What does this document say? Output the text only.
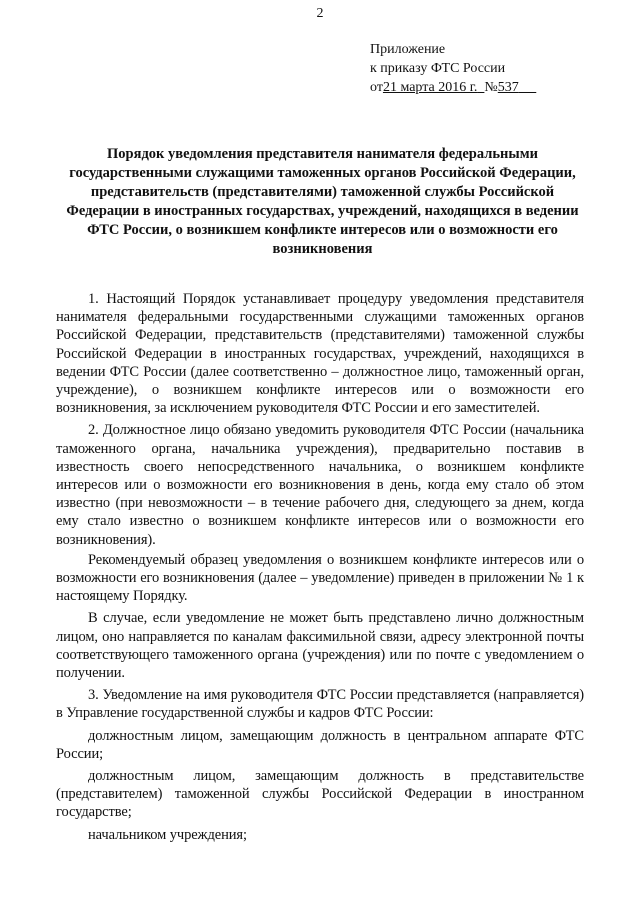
2
Приложение
к приказу ФТС России
от21 марта 2016 г. №537
Порядок уведомления представителя нанимателя федеральными государственными служащими таможенных органов Российской Федерации, представительств (представителями) таможенной службы Российской Федерации в иностранных государствах, учреждений, находящихся в ведении ФТС России, о возникшем конфликте интересов или о возможности его возникновения

1. Настоящий Порядок устанавливает процедуру уведомления представителя нанимателя федеральными государственными служащими таможенных органов Российской Федерации, представительств (представителями) таможенной службы Российской Федерации в иностранных государствах, учреждений, находящихся в ведении ФТС России (далее соответственно – должностное лицо, таможенный орган, учреждение), о возникшем конфликте интересов или о возможности его возникновения, за исключением руководителя ФТС России и его заместителей.

2. Должностное лицо обязано уведомить руководителя ФТС России (начальника таможенного органа, начальника учреждения), предварительно поставив в известность своего непосредственного начальника, о возникшем конфликте интересов или о возможности его возникновения в день, когда ему стало об этом известно (при невозможности – в течение рабочего дня, следующего за днем, когда ему стало известно о возникшем конфликте интересов или о возможности его возникновения).

Рекомендуемый образец уведомления о возникшем конфликте интересов или о возможности его возникновения (далее – уведомление) приведен в приложении № 1 к настоящему Порядку.

В случае, если уведомление не может быть представлено лично должностным лицом, оно направляется по каналам факсимильной связи, адресу электронной почты соответствующего таможенного органа (учреждения) или по почте с уведомлением о получении.

3. Уведомление на имя руководителя ФТС России представляется (направляется) в Управление государственной службы и кадров ФТС России:

должностным лицом, замещающим должность в центральном аппарате ФТС России;

должностным лицом, замещающим должность в представительстве (представителем) таможенной службы Российской Федерации в иностранном государстве;

начальником учреждения;
